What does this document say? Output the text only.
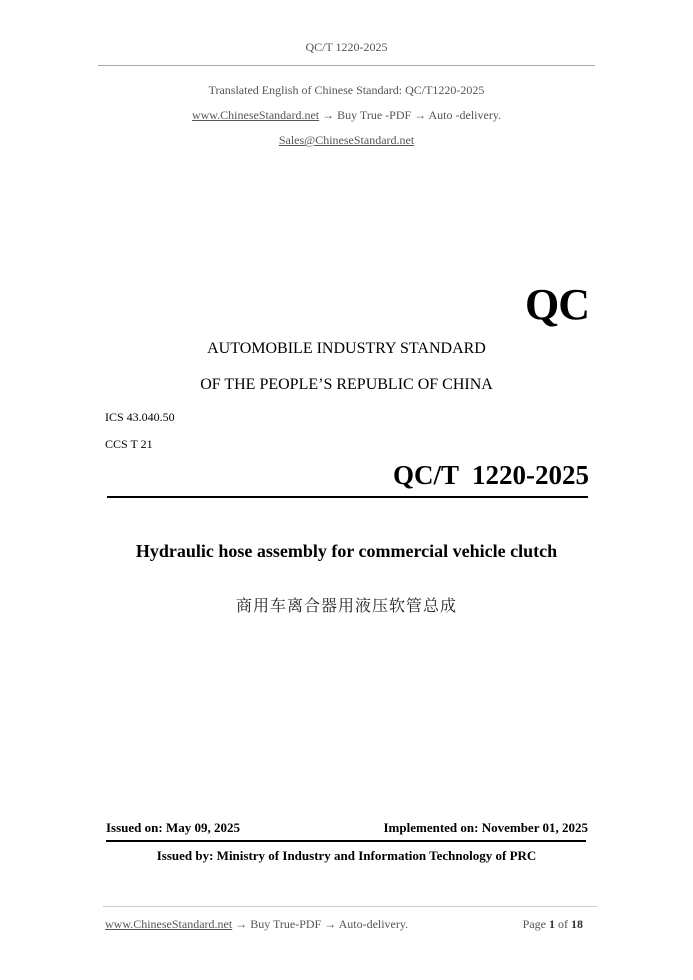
QC/T 1220-2025
Translated English of Chinese Standard: QC/T1220-2025
www.ChineseStandard.net → Buy True -PDF → Auto -delivery.
Sales@ChineseStandard.net
QC
AUTOMOBILE INDUSTRY STANDARD
OF THE PEOPLE’S REPUBLIC OF CHINA
ICS 43.040.50
CCS T 21
QC/T  1220-2025
Hydraulic hose assembly for commercial vehicle clutch
商用车离合器用液压软管总成
Issued on: May 09, 2025	Implemented on: November 01, 2025
Issued by: Ministry of Industry and Information Technology of PRC
www.ChineseStandard.net → Buy True-PDF → Auto-delivery.	Page 1 of 18
